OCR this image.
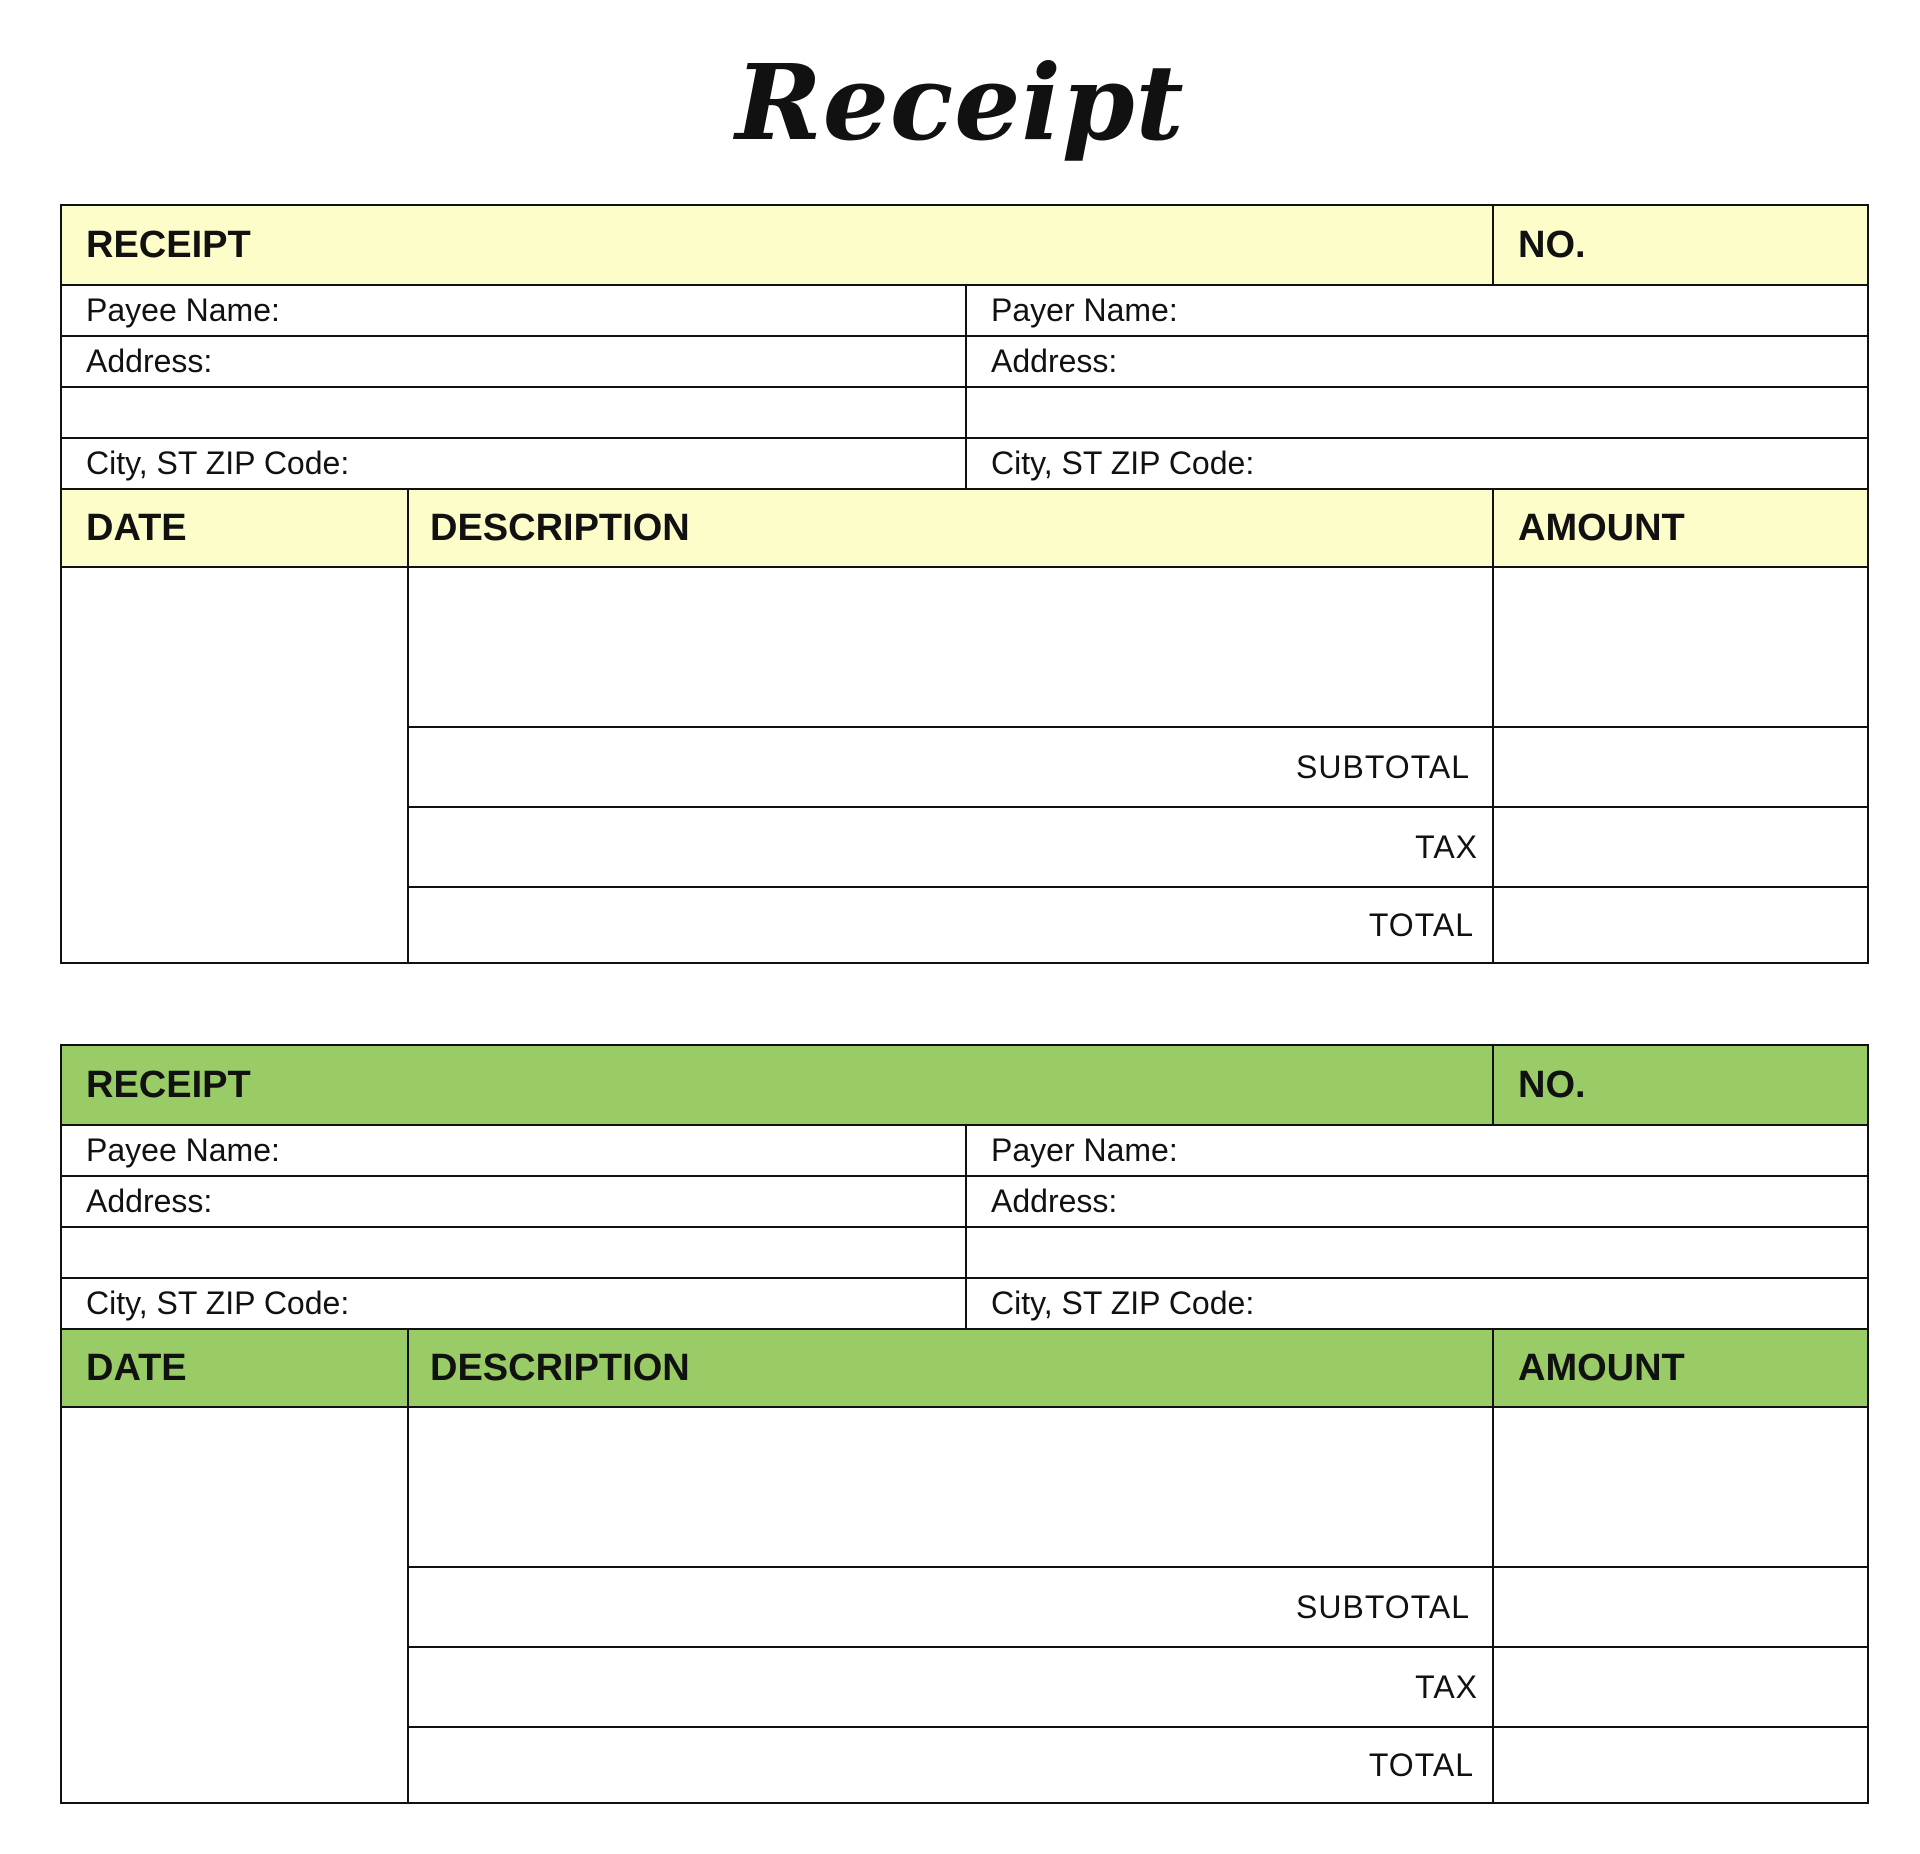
Receipt
RECEIPT	NO.
Payee Name:	Payer Name:
Address:	Address:
City, ST ZIP Code:	City, ST ZIP Code:
DATE	DESCRIPTION	AMOUNT
SUBTOTAL
TAX
TOTAL
RECEIPT	NO.
Payee Name:	Payer Name:
Address:	Address:
City, ST ZIP Code:	City, ST ZIP Code:
DATE	DESCRIPTION	AMOUNT
SUBTOTAL
TAX
TOTAL
